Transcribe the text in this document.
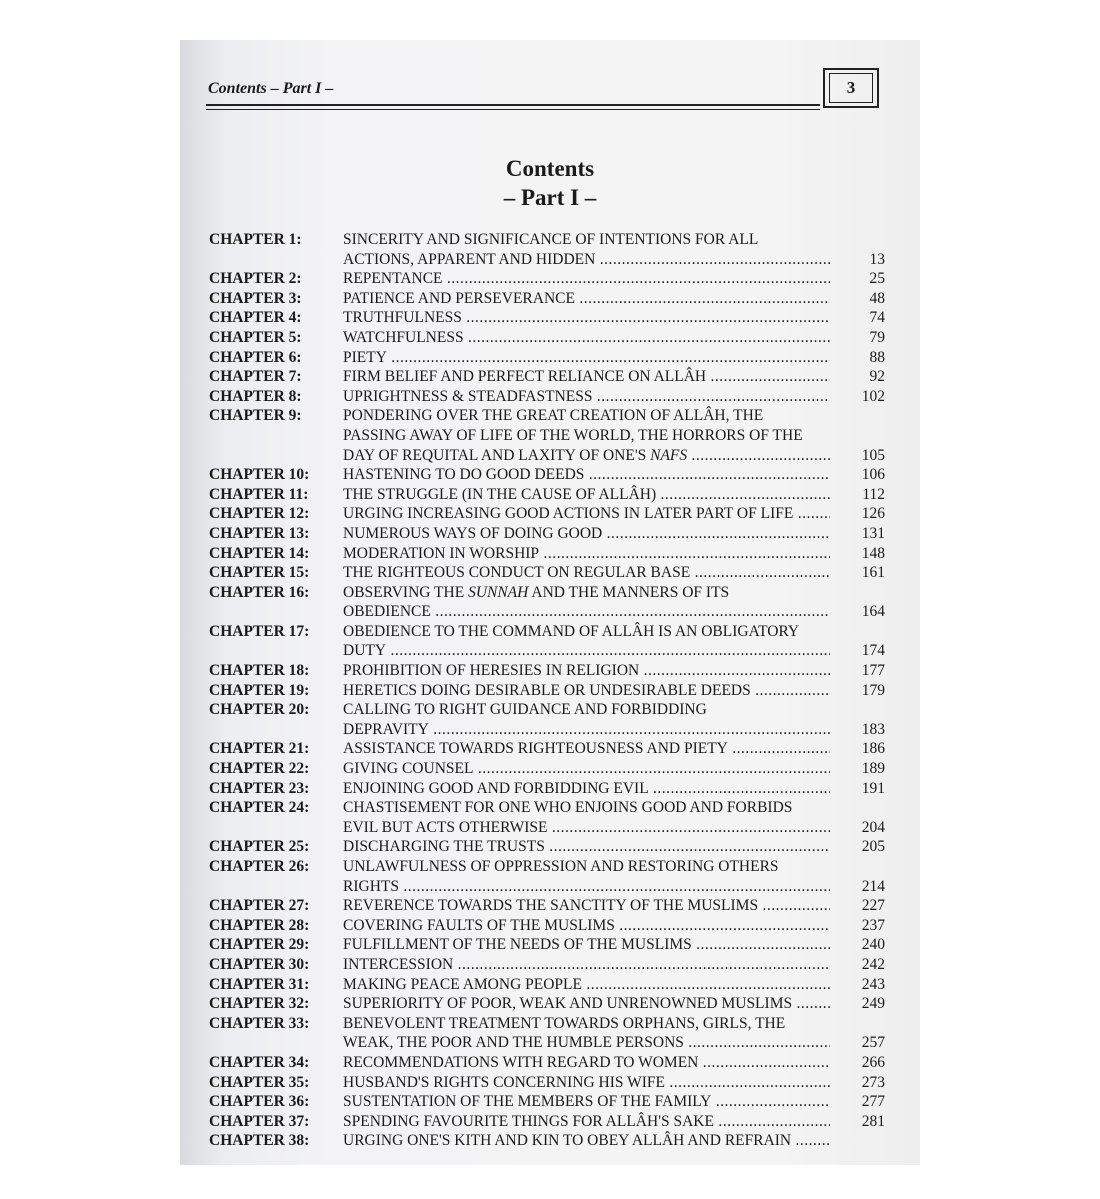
Contents – Part I –	3
Contents
– Part I –
CHAPTER 1:	SINCERITY AND SIGNIFICANCE OF INTENTIONS FOR ALL
ACTIONS, APPARENT AND HIDDEN .....	13
CHAPTER 2:	REPENTANCE .....	25
CHAPTER 3:	PATIENCE AND PERSEVERANCE .....	48
CHAPTER 4:	TRUTHFULNESS .....	74
CHAPTER 5:	WATCHFULNESS .....	79
CHAPTER 6:	PIETY .....	88
CHAPTER 7:	FIRM BELIEF AND PERFECT RELIANCE ON ALLÂH .....	92
CHAPTER 8:	UPRIGHTNESS & STEADFASTNESS .....	102
CHAPTER 9:	PONDERING OVER THE GREAT CREATION OF ALLÂH, THE
PASSING AWAY OF LIFE OF THE WORLD, THE HORRORS OF THE
DAY OF REQUITAL AND LAXITY OF ONE'S NAFS .....	105
CHAPTER 10:	HASTENING TO DO GOOD DEEDS .....	106
CHAPTER 11:	THE STRUGGLE (IN THE CAUSE OF ALLÂH) .....	112
CHAPTER 12:	URGING INCREASING GOOD ACTIONS IN LATER PART OF LIFE .....	126
CHAPTER 13:	NUMEROUS WAYS OF DOING GOOD .....	131
CHAPTER 14:	MODERATION IN WORSHIP .....	148
CHAPTER 15:	THE RIGHTEOUS CONDUCT ON REGULAR BASE .....	161
CHAPTER 16:	OBSERVING THE SUNNAH AND THE MANNERS OF ITS
OBEDIENCE .....	164
CHAPTER 17:	OBEDIENCE TO THE COMMAND OF ALLÂH IS AN OBLIGATORY
DUTY .....	174
CHAPTER 18:	PROHIBITION OF HERESIES IN RELIGION .....	177
CHAPTER 19:	HERETICS DOING DESIRABLE OR UNDESIRABLE DEEDS .....	179
CHAPTER 20:	CALLING TO RIGHT GUIDANCE AND FORBIDDING
DEPRAVITY .....	183
CHAPTER 21:	ASSISTANCE TOWARDS RIGHTEOUSNESS AND PIETY .....	186
CHAPTER 22:	GIVING COUNSEL .....	189
CHAPTER 23:	ENJOINING GOOD AND FORBIDDING EVIL .....	191
CHAPTER 24:	CHASTISEMENT FOR ONE WHO ENJOINS GOOD AND FORBIDS
EVIL BUT ACTS OTHERWISE .....	204
CHAPTER 25:	DISCHARGING THE TRUSTS .....	205
CHAPTER 26:	UNLAWFULNESS OF OPPRESSION AND RESTORING OTHERS
RIGHTS .....	214
CHAPTER 27:	REVERENCE TOWARDS THE SANCTITY OF THE MUSLIMS .....	227
CHAPTER 28:	COVERING FAULTS OF THE MUSLIMS .....	237
CHAPTER 29:	FULFILLMENT OF THE NEEDS OF THE MUSLIMS .....	240
CHAPTER 30:	INTERCESSION .....	242
CHAPTER 31:	MAKING PEACE AMONG PEOPLE .....	243
CHAPTER 32:	SUPERIORITY OF POOR, WEAK AND UNRENOWNED MUSLIMS .....	249
CHAPTER 33:	BENEVOLENT TREATMENT TOWARDS ORPHANS, GIRLS, THE
WEAK, THE POOR AND THE HUMBLE PERSONS .....	257
CHAPTER 34:	RECOMMENDATIONS WITH REGARD TO WOMEN .....	266
CHAPTER 35:	HUSBAND'S RIGHTS CONCERNING HIS WIFE .....	273
CHAPTER 36:	SUSTENTATION OF THE MEMBERS OF THE FAMILY .....	277
CHAPTER 37:	SPENDING FAVOURITE THINGS FOR ALLÂH'S SAKE .....	281
CHAPTER 38:	URGING ONE'S KITH AND KIN TO OBEY ALLÂH AND REFRAIN .....
